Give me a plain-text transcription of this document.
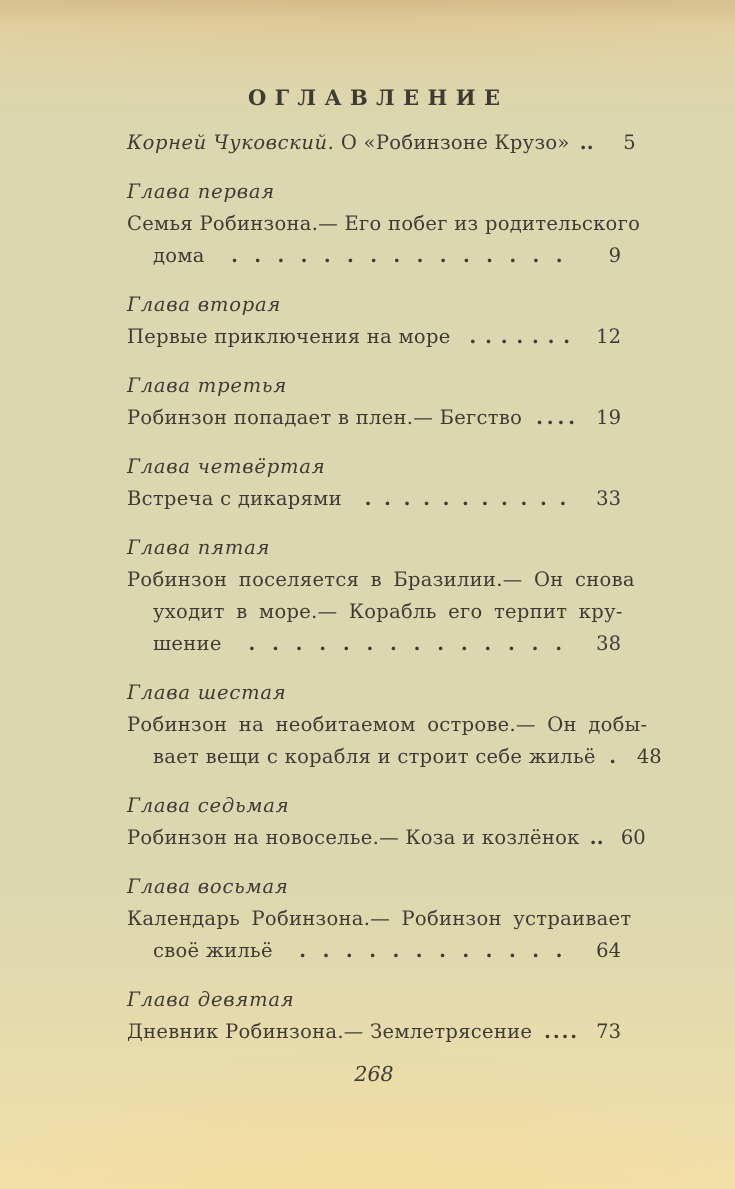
ОГЛАВЛЕНИЕ
Корней Чуковский. О «Робинзоне Крузо» . .	5
Глава первая
Семья Робинзона.— Его побег из родительского
дома . . . . . . . . . . . . . . .	9
Глава вторая
Первые приключения на море . . . . . . .	12
Глава третья
Робинзон попадает в плен.— Бегство . . . .	19
Глава четвёртая
Встреча с дикарями . . . . . . . . . . .	33
Глава пятая
Робинзон поселяется в Бразилии.— Он снова
уходит в море.— Корабль его терпит кру-
шение . . . . . . . . . . . . . .	38
Глава шестая
Робинзон на необитаемом острове.— Он добы-
вает вещи с корабля и строит себе жильё .	48
Глава седьмая
Робинзон на новоселье.— Коза и козлёнок . . 60
Глава восьмая
Календарь Робинзона.— Робинзон устраивает
своё жильё . . . . . . . . . . . .	64
Глава девятая
Дневник Робинзона.— Землетрясение . . . . 73
268
